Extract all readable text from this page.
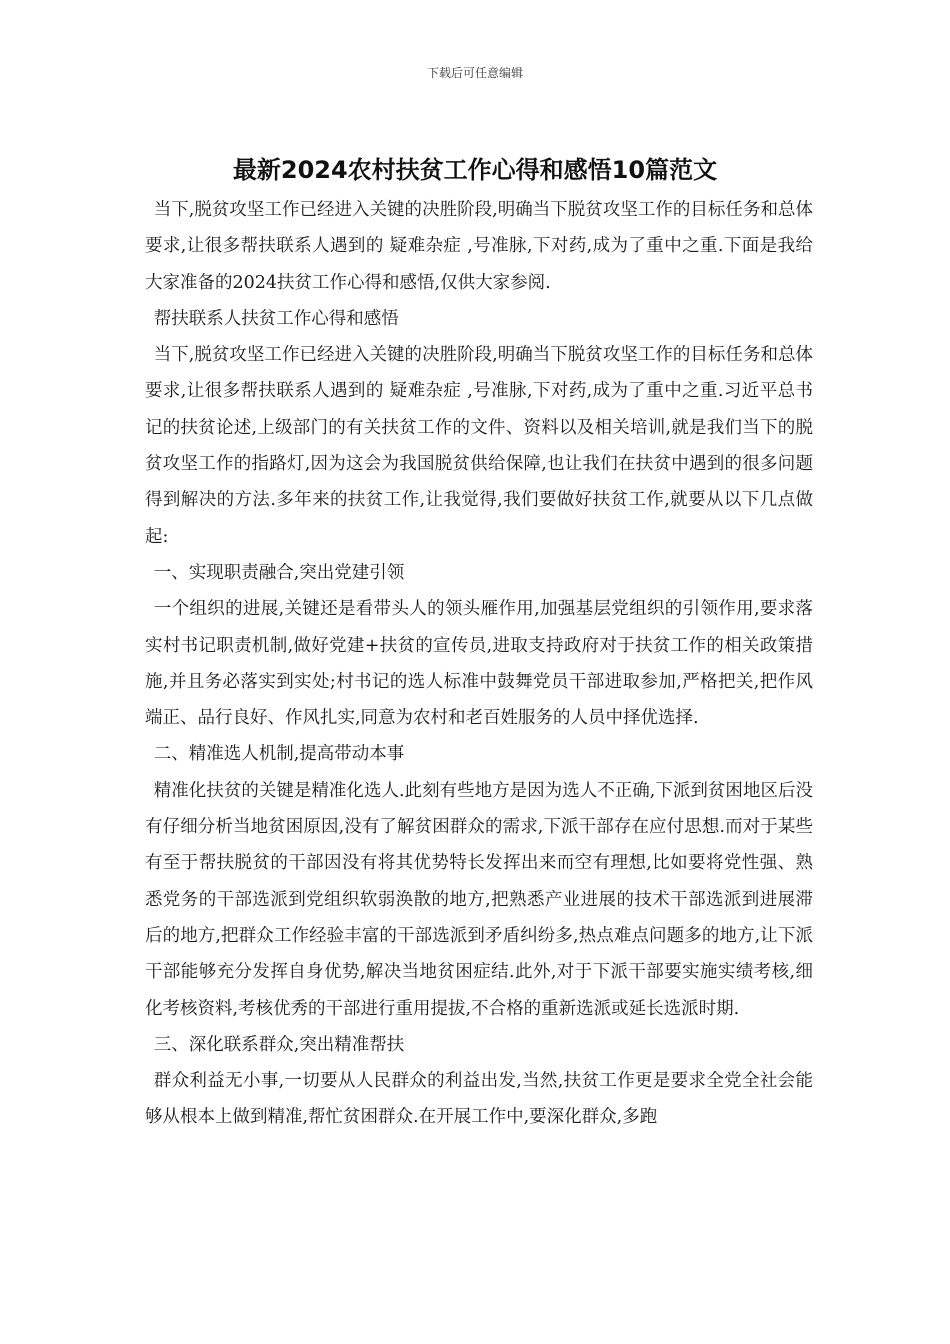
下载后可任意编辑
最新2024农村扶贫工作心得和感悟10篇范文

当下,脱贫攻坚工作已经进入关键的决胜阶段,明确当下脱贫攻坚工作的目标任务和总体要求,让很多帮扶联系人遇到的 疑难杂症 ,号准脉,下对药,成为了重中之重.下面是我给大家准备的2024扶贫工作心得和感悟,仅供大家参阅.

帮扶联系人扶贫工作心得和感悟

当下,脱贫攻坚工作已经进入关键的决胜阶段,明确当下脱贫攻坚工作的目标任务和总体要求,让很多帮扶联系人遇到的 疑难杂症 ,号准脉,下对药,成为了重中之重.习近平总书记的扶贫论述,上级部门的有关扶贫工作的文件、资料以及相关培训,就是我们当下的脱贫攻坚工作的指路灯,因为这会为我国脱贫供给保障,也让我们在扶贫中遇到的很多问题得到解决的方法.多年来的扶贫工作,让我觉得,我们要做好扶贫工作,就要从以下几点做起:

一、实现职责融合,突出党建引领

一个组织的进展,关键还是看带头人的领头雁作用,加强基层党组织的引领作用,要求落实村书记职责机制,做好党建+扶贫的宣传员,进取支持政府对于扶贫工作的相关政策措施,并且务必落实到实处;村书记的选人标准中鼓舞党员干部进取参加,严格把关,把作风端正、品行良好、作风扎实,同意为农村和老百姓服务的人员中择优选择.

二、精准选人机制,提高带动本事

精准化扶贫的关键是精准化选人.此刻有些地方是因为选人不正确,下派到贫困地区后没有仔细分析当地贫困原因,没有了解贫困群众的需求,下派干部存在应付思想.而对于某些有至于帮扶脱贫的干部因没有将其优势特长发挥出来而空有理想,比如要将党性强、熟悉党务的干部选派到党组织软弱涣散的地方,把熟悉产业进展的技术干部选派到进展滞后的地方,把群众工作经验丰富的干部选派到矛盾纠纷多,热点难点问题多的地方,让下派干部能够充分发挥自身优势,解决当地贫困症结.此外,对于下派干部要实施实绩考核,细化考核资料,考核优秀的干部进行重用提拔,不合格的重新选派或延长选派时期.

三、深化联系群众,突出精准帮扶

群众利益无小事,一切要从人民群众的利益出发,当然,扶贫工作更是要求全党全社会能够从根本上做到精准,帮忙贫困群众.在开展工作中,要深化群众,多跑
